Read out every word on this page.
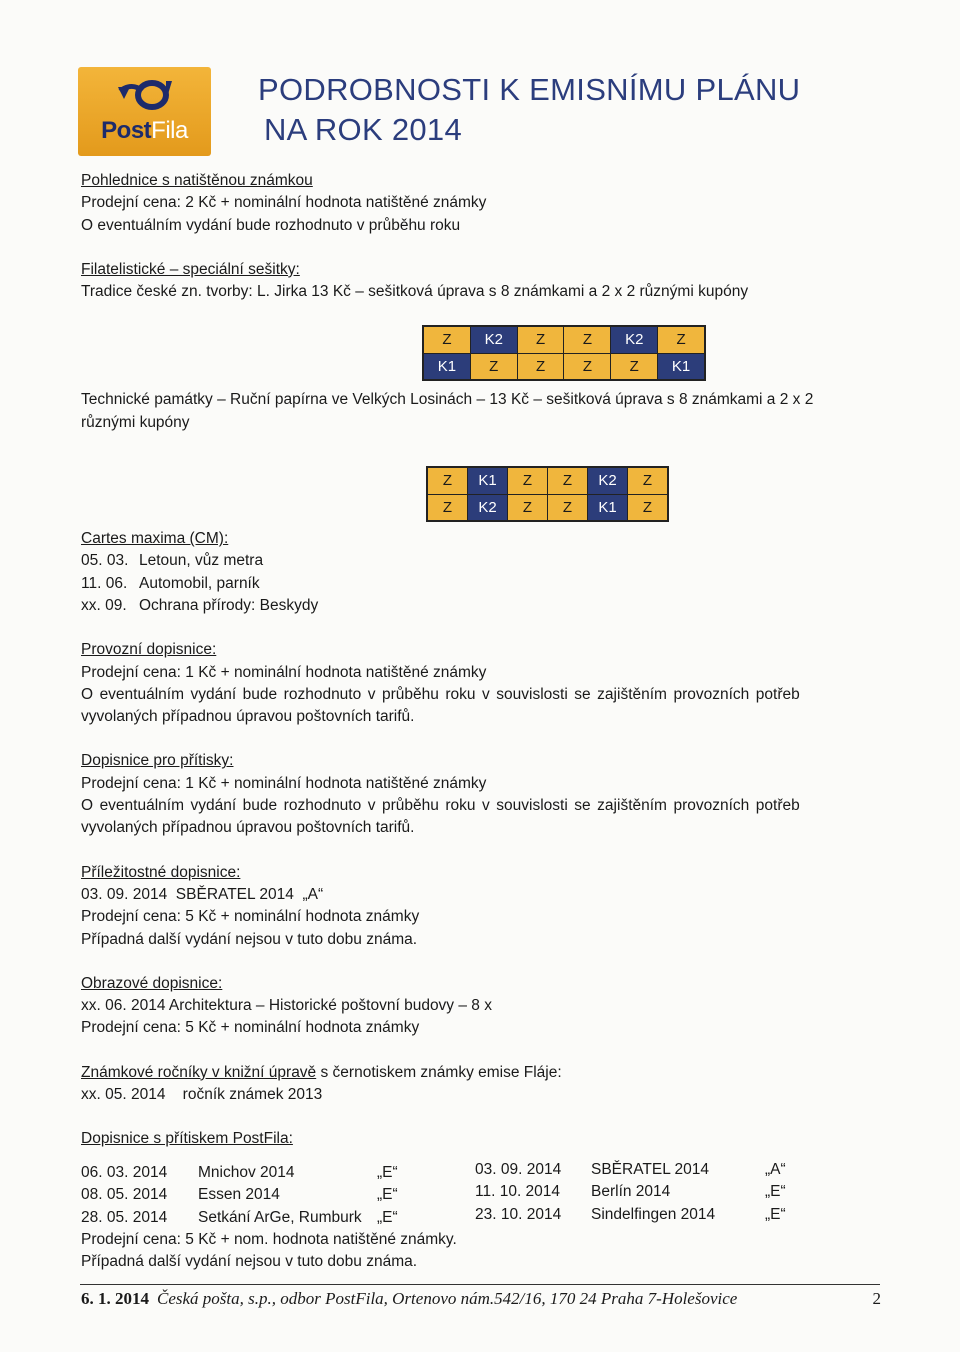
PostFila
PODROBNOSTI K EMISNÍMU PLÁNU
NA ROK 2014
Pohlednice s natištěnou známkou
Prodejní cena: 2 Kč + nominální hodnota natištěné známky
O eventuálním vydání bude rozhodnuto v průběhu roku
Filatelistické – speciální sešitky:
Tradice české zn. tvorby: L. Jirka 13 Kč – sešitková úprava s 8 známkami a 2 x 2 různými kupóny
Technické památky – Ruční papírna ve Velkých Losinách – 13 Kč – sešitková úprava s 8 známkami a 2 x 2
různými kupóny
Cartes maxima (CM):
05. 03. Letoun, vůz metra
11. 06. Automobil, parník
xx. 09. Ochrana přírody: Beskydy
Provozní dopisnice:
Prodejní cena: 1 Kč + nominální hodnota natištěné známky
O eventuálním vydání bude rozhodnuto v průběhu roku v souvislosti se zajištěním provozních potřeb
vyvolaných případnou úpravou poštovních tarifů.
Dopisnice pro přítisky:
Prodejní cena: 1 Kč + nominální hodnota natištěné známky
O eventuálním vydání bude rozhodnuto v průběhu roku v souvislosti se zajištěním provozních potřeb
vyvolaných případnou úpravou poštovních tarifů.
Příležitostné dopisnice:
03. 09. 2014  SBĚRATEL 2014  „A“
Prodejní cena: 5 Kč + nominální hodnota známky
Případná další vydání nejsou v tuto dobu známa.
Obrazové dopisnice:
xx. 06. 2014 Architektura – Historické poštovní budovy – 8 x
Prodejní cena: 5 Kč + nominální hodnota známky
Známkové ročníky v knižní úpravě s černotiskem známky emise Fláje:
xx. 05. 2014    ročník známek 2013
Dopisnice s přítiskem PostFila:
Z	K2	Z	Z	K2	Z
K1	Z	Z	Z	Z	K1
Z	K1	Z	Z	K2	Z
Z	K2	Z	Z	K1	Z
06. 03. 2014 Mnichov 2014	„E“
08. 05. 2014 Essen 2014	„E“
28. 05. 2014 Setkání ArGe, Rumburk „E“
Prodejní cena: 5 Kč + nom. hodnota natištěné známky.
Případná další vydání nejsou v tuto dobu známa.
03. 09. 2014 SBĚRATEL 2014	„A“
11. 10. 2014 Berlín 2014	„E“
23. 10. 2014 Sindelfingen 2014	„E“
6. 1. 2014 Česká pošta, s.p., odbor PostFila, Ortenovo nám.542/16, 170 24 Praha 7-Holešovice	2
